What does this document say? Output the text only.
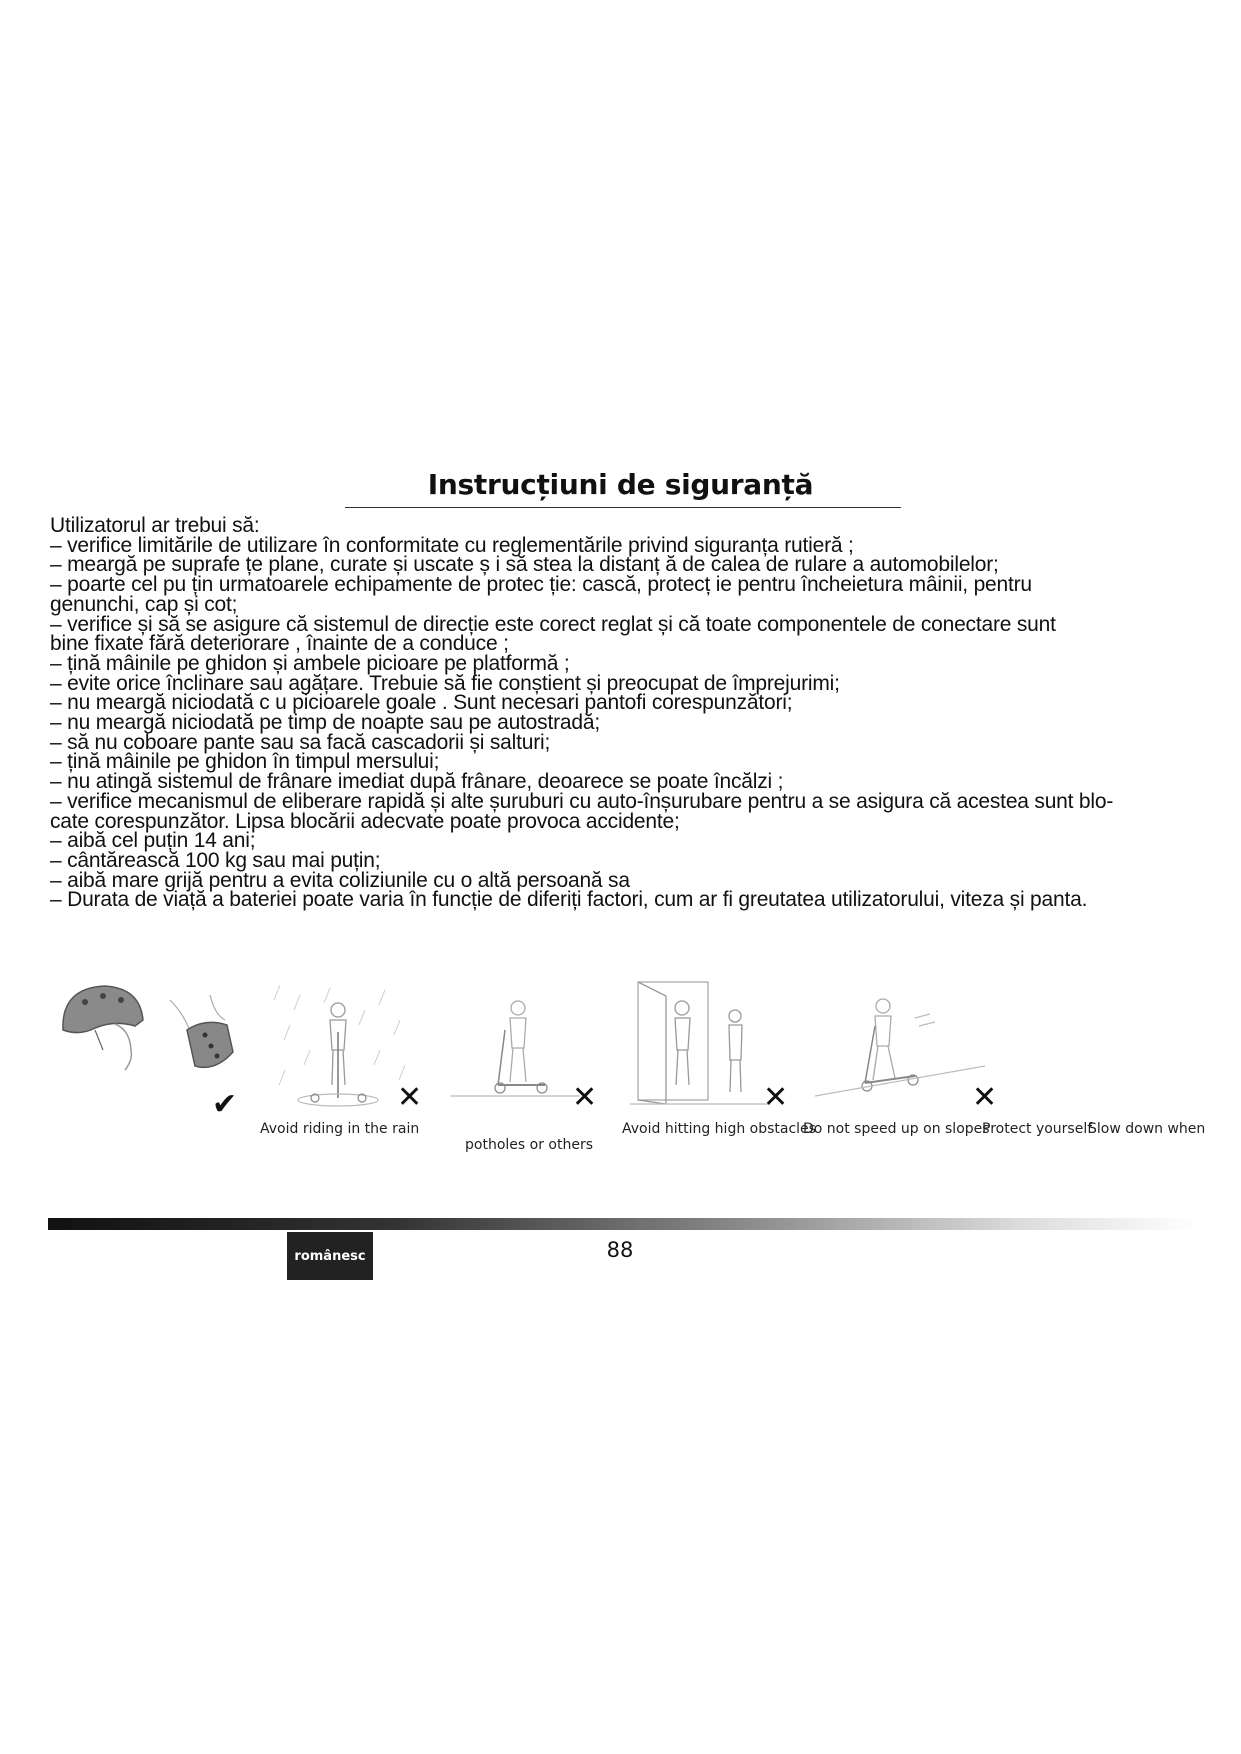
Instrucțiuni de siguranță
Utilizatorul ar trebui să:
– verifice limitările de utilizare în conformitate cu reglementările privind siguranța rutieră ;
– meargă pe suprafe țe plane, curate și uscate ș i să stea la distanț ă de calea de rulare a automobilelor;
– poarte cel pu țin urmatoarele echipamente de protec ție: cască, protecț ie pentru încheietura mâinii, pentru
genunchi, cap și cot;
– verifice și să se asigure că sistemul de direcție este corect reglat și că toate componentele de conectare sunt
bine fixate fără deteriorare , înainte de a conduce ;
– țină mâinile pe ghidon și ambele picioare pe platformă ;
– evite orice înclinare sau agățare. Trebuie să fie conștient și preocupat de împrejurimi;
– nu meargă niciodată c u picioarele goale . Sunt necesari pantofi corespunzători;
– nu meargă niciodată pe timp de noapte sau pe autostradă;
– să nu coboare pante sau sa facă cascadorii și salturi;
– țină mâinile pe ghidon în timpul mersului;
– nu atingă sistemul de frânare imediat după frânare, deoarece se poate încălzi ;
– verifice mecanismul de eliberare rapidă și alte șuruburi cu auto-înșurubare pentru a se asigura că acestea sunt blo-
cate corespunzător. Lipsa blocării adecvate poate provoca accidente;
– aibă cel puțin 14 ani;
– cântărească 100 kg sau mai puțin;
– aibă mare grijă pentru a evita coliziunile cu o altă persoană sa
– Durata de viață a bateriei poate varia în funcție de diferiți factori, cum ar fi greutatea utilizatorului, viteza și panta.
✔	✕
Avoid riding in the rain
✕
potholes or others
✕
Avoid hitting high obstacles
✕
Do not speed up on slopes
Protect yourself
Slow down when
românesc	88
